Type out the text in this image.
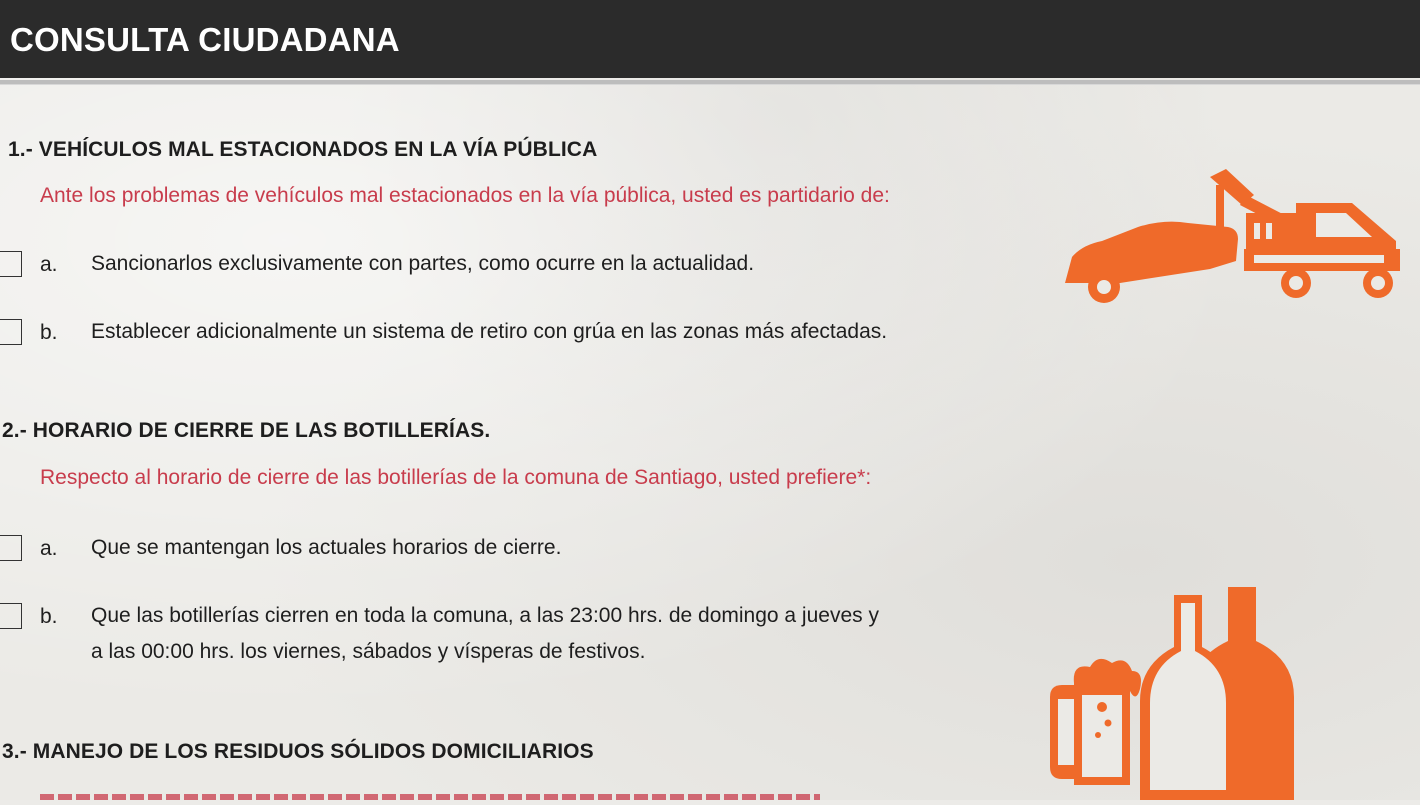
CONSULTA CIUDADANA
1.- VEHÍCULOS MAL ESTACIONADOS EN LA VÍA PÚBLICA
Ante los problemas de vehículos mal estacionados en la vía pública, usted es partidario de:
a. Sancionarlos exclusivamente con partes, como ocurre en la actualidad.
b. Establecer adicionalmente un sistema de retiro con grúa en las zonas más afectadas.
2.- HORARIO DE CIERRE DE LAS BOTILLERÍAS.
Respecto al horario de cierre de las botillerías de la comuna de Santiago, usted prefiere*:
a. Que se mantengan los actuales horarios de cierre.
b. Que las botillerías cierren en toda la comuna, a las 23:00 hrs. de domingo a jueves y
a las 00:00 hrs. los viernes, sábados y vísperas de festivos.
3.- MANEJO DE LOS RESIDUOS SÓLIDOS DOMICILIARIOS
